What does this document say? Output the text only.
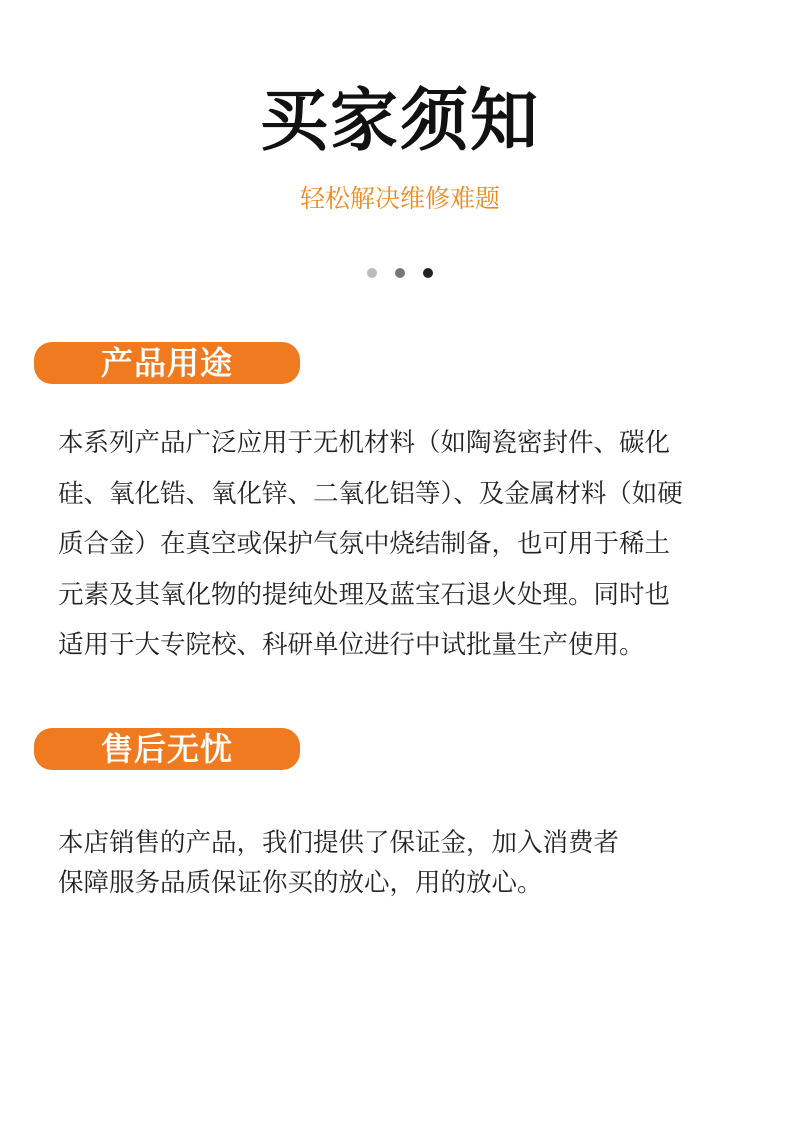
买家须知
轻松解决维修难题
产品用途
本系列产品广泛应用于无机材料（如陶瓷密封件、碳化
硅、氧化锆、氧化锌、二氧化铝等）、及金属材料（如硬
质合金）在真空或保护气氛中烧结制备，也可用于稀土
元素及其氧化物的提纯处理及蓝宝石退火处理。同时也
适用于大专院校、科研单位进行中试批量生产使用。
售后无忧
本店销售的产品，我们提供了保证金，加入消费者
保障服务品质保证你买的放心，用的放心。
